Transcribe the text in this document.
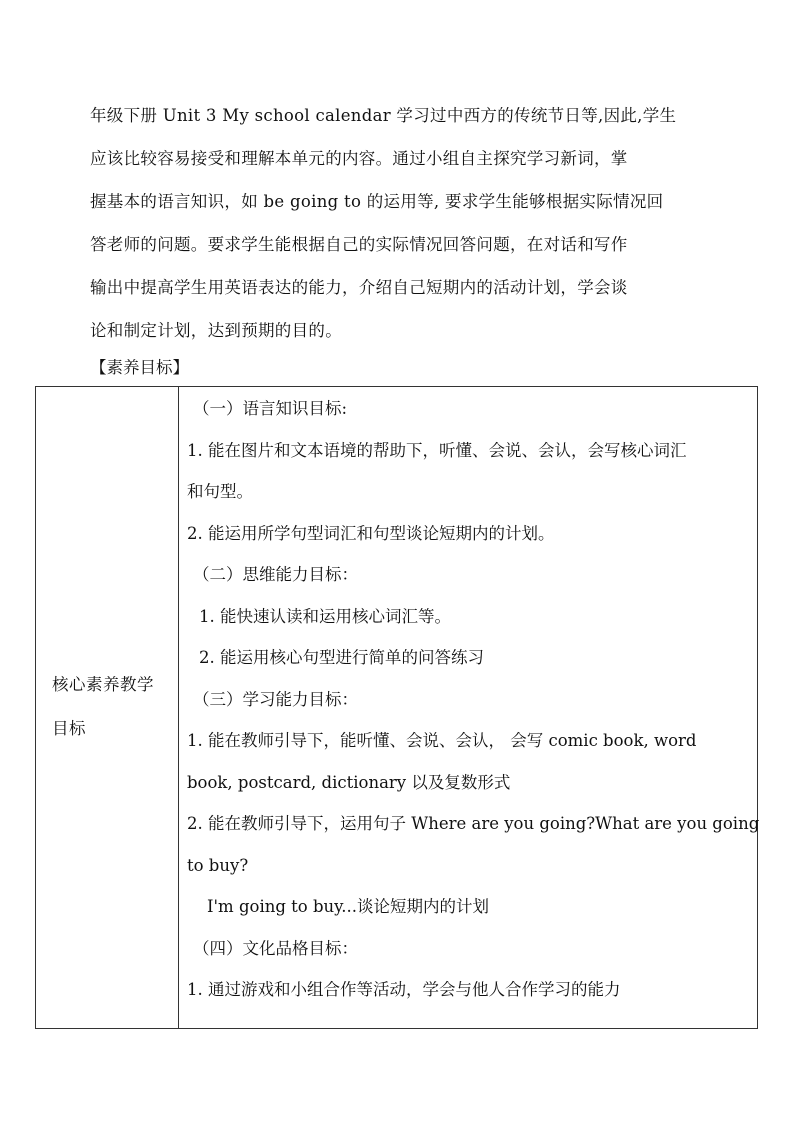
年级下册 Unit 3 My school calendar 学习过中西方的传统节日等,因此,学生
应该比较容易接受和理解本单元的内容。通过小组自主探究学习新词，掌
握基本的语言知识，如 be going to 的运用等, 要求学生能够根据实际情况回
答老师的问题。要求学生能根据自己的实际情况回答问题，在对话和写作
输出中提高学生用英语表达的能力，介绍自己短期内的活动计划，学会谈
论和制定计划，达到预期的目的。
【素养目标】
核心素养教学
目标

（一）语言知识目标:
1. 能在图片和文本语境的帮助下，听懂、会说、会认，会写核心词汇
和句型。
2. 能运用所学句型词汇和句型谈论短期内的计划。
（二）思维能力目标：
1. 能快速认读和运用核心词汇等。
2. 能运用核心句型进行简单的问答练习
（三）学习能力目标：
1. 能在教师引导下，能听懂、会说、会认， 会写 comic book, word
book, postcard, dictionary 以及复数形式
2. 能在教师引导下，运用句子 Where are you going?What are you going
to buy?
I'm going to buy...谈论短期内的计划
（四）文化品格目标：
1. 通过游戏和小组合作等活动，学会与他人合作学习的能力
